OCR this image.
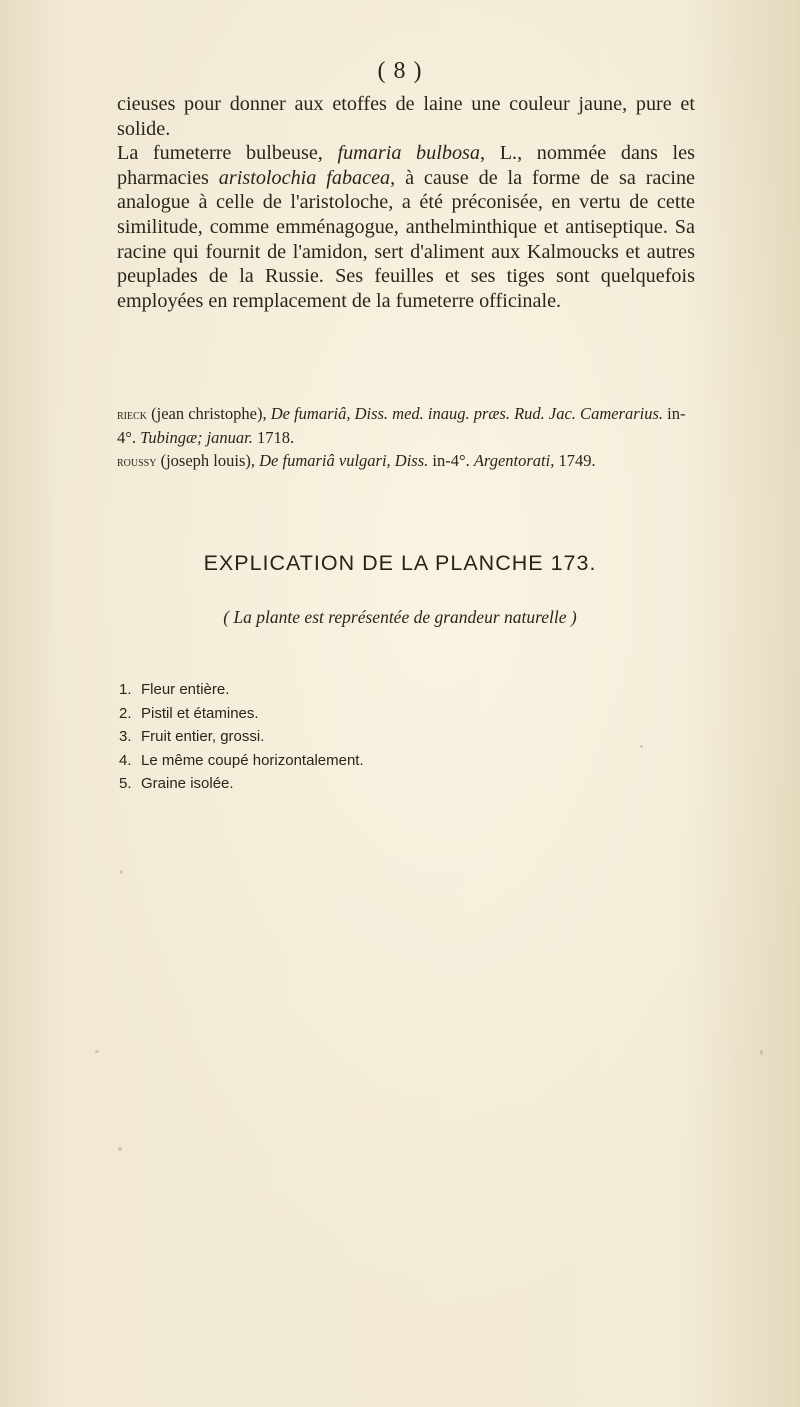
( 8 )

cieuses pour donner aux etoffes de laine une couleur jaune, pure et solide.

La fumeterre bulbeuse, fumaria bulbosa, L., nommée dans les pharmacies aristolochia fabacea, à cause de la forme de sa racine analogue à celle de l'aristoloche, a été préconisée, en vertu de cette similitude, comme emménagogue, anthelminthique et antiseptique. Sa racine qui fournit de l'amidon, sert d'aliment aux Kalmoucks et autres peuplades de la Russie. Ses feuilles et ses tiges sont quelquefois employées en remplacement de la fumeterre officinale.

rieck (jean christophe), De fumariâ, Diss. med. inaug. præs. Rud. Jac. Camerarius. in-4°. Tubingæ; januar. 1718.

roussy (joseph louis), De fumariâ vulgari, Diss. in-4°. Argentorati, 1749.

EXPLICATION DE LA PLANCHE 173.
( La plante est représentée de grandeur naturelle )
1. Fleur entière.
2. Pistil et étamines.
3. Fruit entier, grossi.
4. Le même coupé horizontalement.
5. Graine isolée.
